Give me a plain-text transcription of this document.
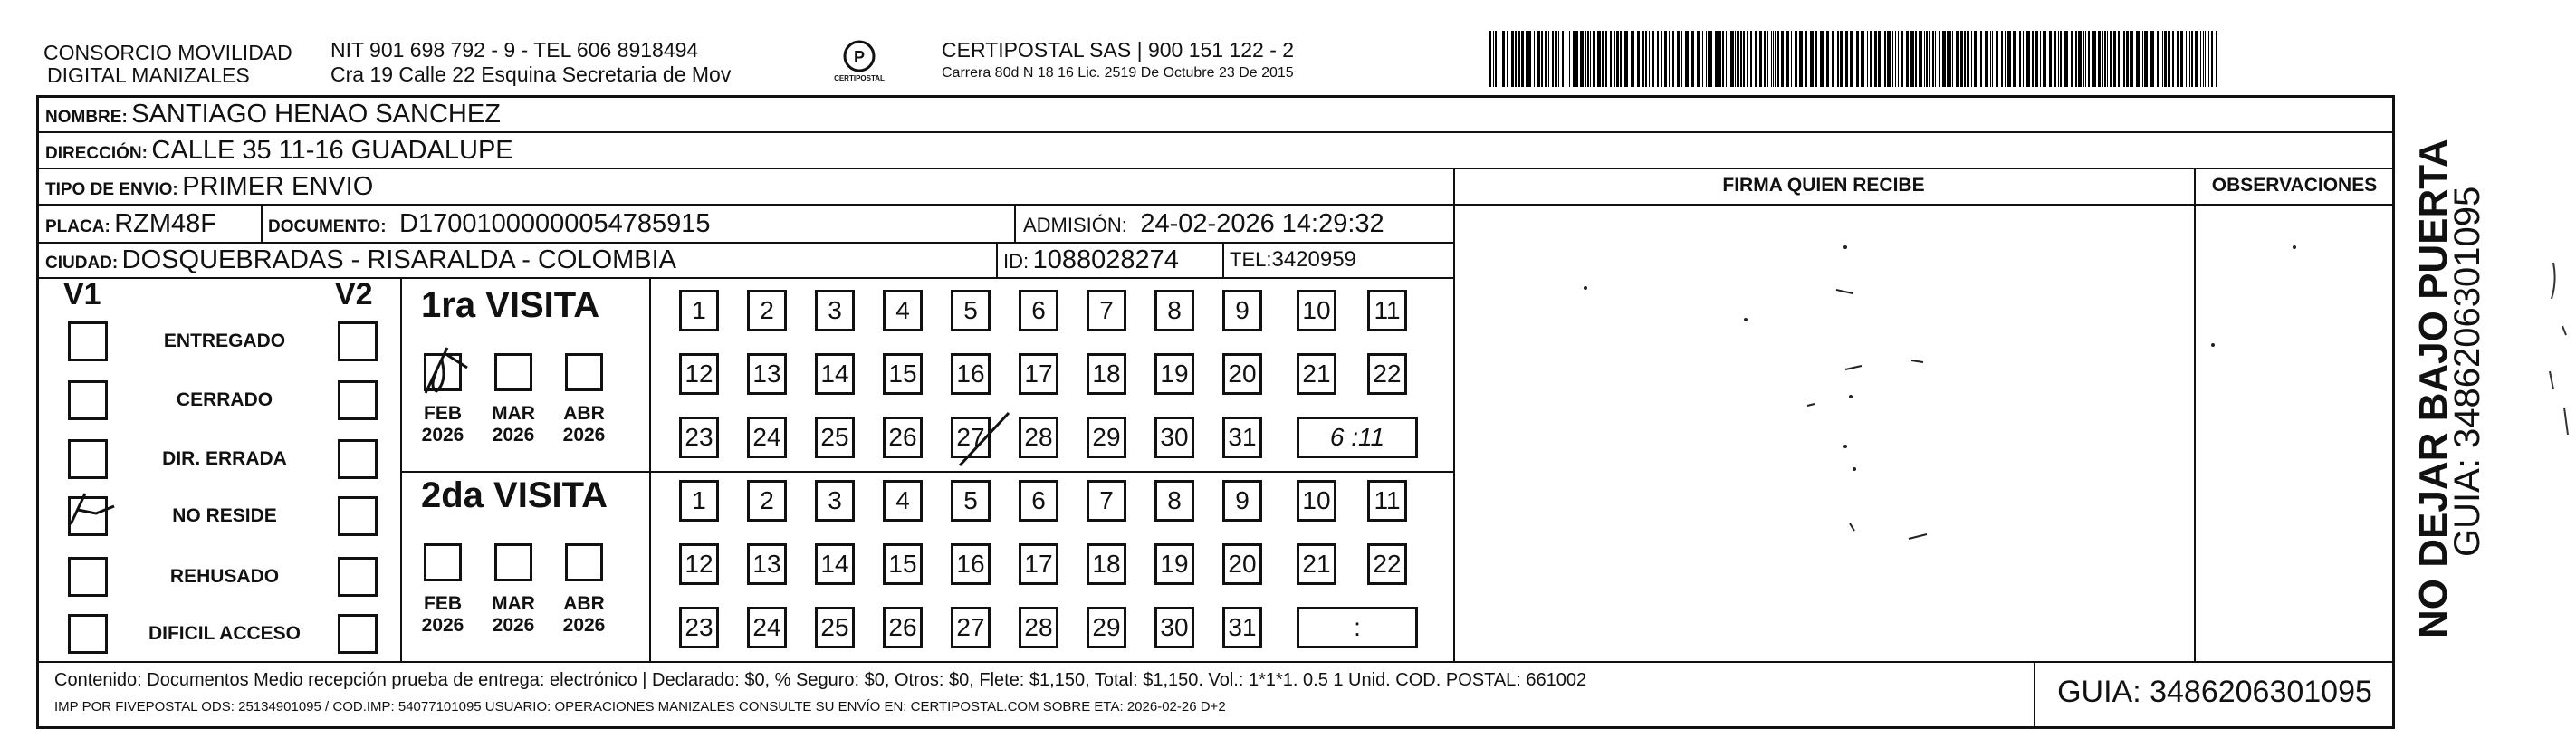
CONSORCIO MOVILIDAD
DIGITAL MANIZALES
NIT 901 698 792 - 9 - TEL 606 8918494
Cra 19 Calle 22 Esquina Secretaria de Mov
P
CERTIPOSTAL
CERTIPOSTAL SAS | 900 151 122 - 2
Carrera 80d N 18 16 Lic. 2519 De Octubre 23 De 2015
NOMBRE: SANTIAGO HENAO SANCHEZ
DIRECCIÓN: CALLE 35 11-16 GUADALUPE
TIPO DE ENVIO: PRIMER ENVIO
PLACA: RZM48F	DOCUMENTO: D17001000000054785915	ADMISIÓN: 24-02-2026 14:29:32
CIUDAD: DOSQUEBRADAS - RISARALDA - COLOMBIA	ID: 1088028274	TEL:3420959
FIRMA QUIEN RECIBE	OBSERVACIONES
V1	V2
ENTREGADO
CERRADO
DIR. ERRADA
NO RESIDE
REHUSADO
DIFICIL ACCESO
1ra VISITA
FEB
2026
MAR
2026
ABR
2026
1	2	3	4	5	6	7	8	9	10 11
12 13 14 15 16 17 18 19 20 21 22
23 24 25 26 27 28 29 30 31	6 :11
2da VISITA
FEB
2026
MAR
2026
ABR
2026
1	2	3	4	5	6	7	8	9	10 11
12 13 14 15 16 17 18 19 20 21 22
23 24 25 26 27 28 29 30 31	:
Contenido: Documentos Medio recepción prueba de entrega: electrónico | Declarado: $0, % Seguro: $0, Otros: $0, Flete: $1,150, Total: $1,150. Vol.: 1*1*1. 0.5 1 Unid. COD. POSTAL: 661002
IMP POR FIVEPOSTAL ODS: 25134901095 / COD.IMP: 54077101095 USUARIO: OPERACIONES MANIZALES CONSULTE SU ENVÍO EN: CERTIPOSTAL.COM SOBRE ETA: 2026-02-26 D+2	GUIA: 3486206301095
NO DEJAR BAJO PUERTA
GUIA: 3486206301095
